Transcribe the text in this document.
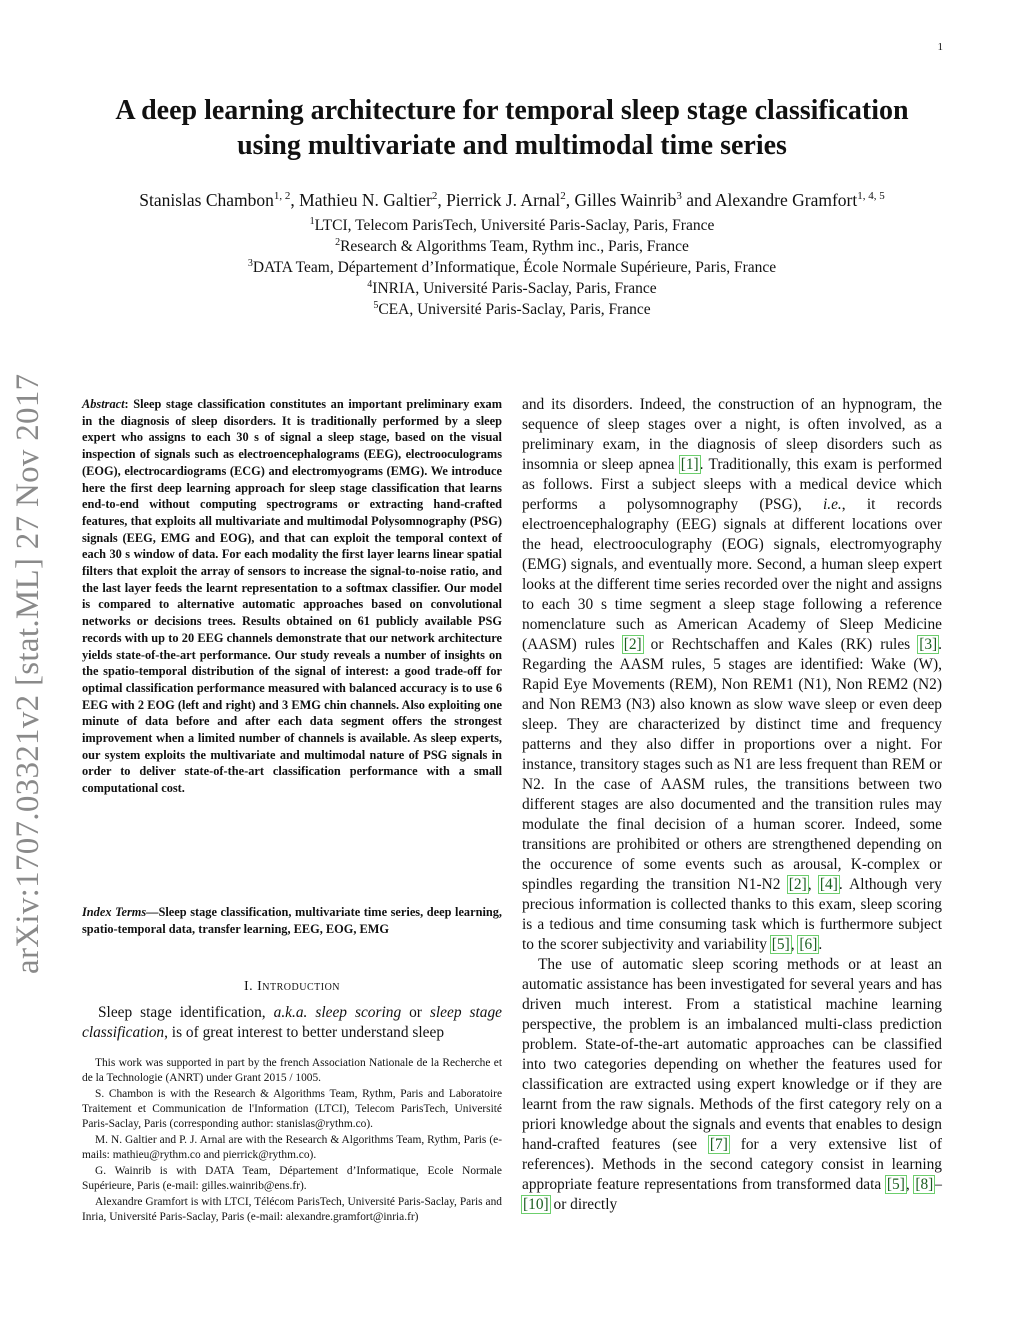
1
A deep learning architecture for temporal sleep stage classification
using multivariate and multimodal time series
Stanislas Chambon$^{1, 2}$, Mathieu N. Galtier$^2$, Pierrick J. Arnal$^2$, Gilles Wainrib$^3$ and Alexandre Gramfort$^{1, 4, 5}$
$^1$LTCI, Telecom ParisTech, Université Paris-Saclay, Paris, France
$^2$Research & Algorithms Team, Rythm inc., Paris, France
$^3$DATA Team, Département d’Informatique, École Normale Supérieure, Paris, France
$^4$INRIA, Université Paris-Saclay, Paris, France
$^5$CEA, Université Paris-Saclay, Paris, France
arXiv:1707.03321v2 [stat.ML] 27 Nov 2017	Abstract: Sleep stage classification constitutes an important preliminary exam in the diagnosis of sleep disorders. It is traditionally performed by a sleep expert who assigns to each 30 s of signal a sleep stage, based on the visual inspection of signals such as electroencephalograms (EEG), electrooculograms (EOG), electrocardiograms (ECG) and electromyograms (EMG). We introduce here the first deep learning approach for sleep stage classification that learns end-to-end without computing spectrograms or extracting hand-crafted features, that exploits all multivariate and multimodal Polysomnography (PSG) signals (EEG, EMG and EOG), and that can exploit the temporal context of each 30 s window of data. For each modality the first layer learns linear spatial filters that exploit the array of sensors to increase the signal-to-noise ratio, and the last layer feeds the learnt representation to a softmax classifier. Our model is compared to alternative automatic approaches based on convolutional networks or decisions trees. Results obtained on 61 publicly available PSG records with up to 20 EEG channels demonstrate that our network architecture yields state-of-the-art performance. Our study reveals a number of insights on the spatio-temporal distribution of the signal of interest: a good trade-off for optimal classification performance measured with balanced accuracy is to use 6 EEG with 2 EOG (left and right) and 3 EMG chin channels. Also exploiting one minute of data before and after each data segment offers the strongest improvement when a limited number of channels is available. As sleep experts, our system exploits the multivariate and multimodal nature of PSG signals in order to deliver state-of-the-art classification performance with a small computational cost.
Index Terms—Sleep stage classification, multivariate time series, deep learning, spatio-temporal data, transfer learning, EEG, EOG, EMG
I. Introduction
Sleep stage identification, a.k.a. sleep scoring or sleep stage classification, is of great interest to better understand sleep

This work was supported in part by the french Association Nationale de la Recherche et de la Technologie (ANRT) under Grant 2015 / 1005.

S. Chambon is with the Research & Algorithms Team, Rythm, Paris and Laboratoire Traitement et Communication de l'Information (LTCI), Telecom ParisTech, Université Paris-Saclay, Paris (corresponding author: stanislas@rythm.co).

M. N. Galtier and P. J. Arnal are with the Research & Algorithms Team, Rythm, Paris (e-mails: mathieu@rythm.co and pierrick@rythm.co).

G. Wainrib is with DATA Team, Département d’Informatique, Ecole Normale Supérieure, Paris (e-mail: gilles.wainrib@ens.fr).

Alexandre Gramfort is with LTCI, Télécom ParisTech, Université Paris-Saclay, Paris and Inria, Université Paris-Saclay, Paris (e-mail: alexandre.gramfort@inria.fr)

and its disorders. Indeed, the construction of an hypnogram, the sequence of sleep stages over a night, is often involved, as a preliminary exam, in the diagnosis of sleep disorders such as insomnia or sleep apnea [1]. Traditionally, this exam is performed as follows. First a subject sleeps with a medical device which performs a polysomnography (PSG), i.e., it records electroencephalography (EEG) signals at different locations over the head, electrooculography (EOG) signals, electromyography (EMG) signals, and eventually more. Second, a human sleep expert looks at the different time series recorded over the night and assigns to each 30 s time segment a sleep stage following a reference nomenclature such as American Academy of Sleep Medicine (AASM) rules [2] or Rechtschaffen and Kales (RK) rules [3]. Regarding the AASM rules, 5 stages are identified: Wake (W), Rapid Eye Movements (REM), Non REM1 (N1), Non REM2 (N2) and Non REM3 (N3) also known as slow wave sleep or even deep sleep. They are characterized by distinct time and frequency patterns and they also differ in proportions over a night. For instance, transitory stages such as N1 are less frequent than REM or N2. In the case of AASM rules, the transitions between two different stages are also documented and the transition rules may modulate the final decision of a human scorer. Indeed, some transitions are prohibited or others are strengthened depending on the occurence of some events such as arousal, K-complex or spindles regarding the transition N1-N2 [2], [4]. Although very precious information is collected thanks to this exam, sleep scoring is a tedious and time consuming task which is furthermore subject to the scorer subjectivity and variability [5], [6].

The use of automatic sleep scoring methods or at least an automatic assistance has been investigated for several years and has driven much interest. From a statistical machine learning perspective, the problem is an imbalanced multi-class prediction problem. State-of-the-art automatic approaches can be classified into two categories depending on whether the features used for classification are extracted using expert knowledge or if they are learnt from the raw signals. Methods of the first category rely on a priori knowledge about the signals and events that enables to design hand-crafted features (see [7] for a very extensive list of references). Methods in the second category consist in learning appropriate feature representations from transformed data [5], [8]–[10] or directly
